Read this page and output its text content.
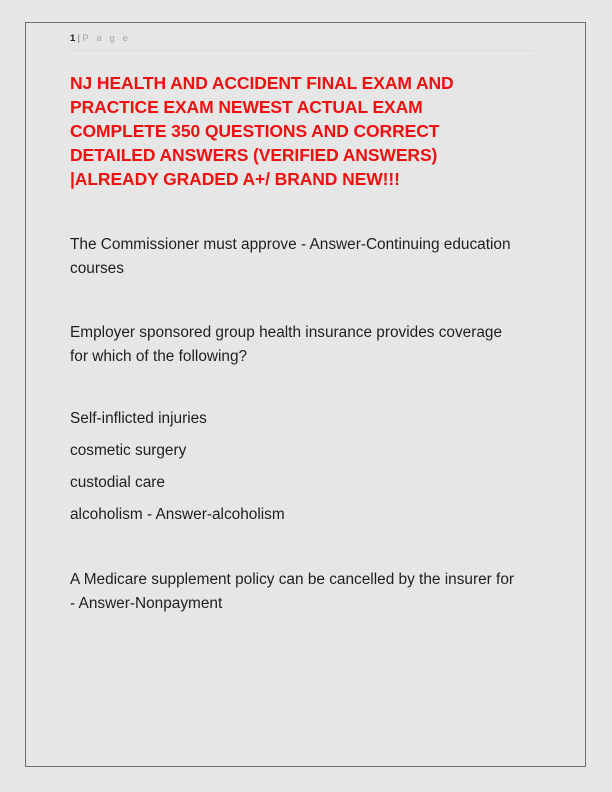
1 | P a g e
NJ HEALTH AND ACCIDENT FINAL EXAM AND
PRACTICE EXAM NEWEST ACTUAL EXAM
COMPLETE 350 QUESTIONS AND CORRECT
DETAILED ANSWERS (VERIFIED ANSWERS)
|ALREADY GRADED A+/ BRAND NEW!!!
The Commissioner must approve - Answer-Continuing education courses
Employer sponsored group health insurance provides coverage for which of the following?
Self-inflicted injuries
cosmetic surgery
custodial care
alcoholism - Answer-alcoholism
A Medicare supplement policy can be cancelled by the insurer for - Answer-Nonpayment
